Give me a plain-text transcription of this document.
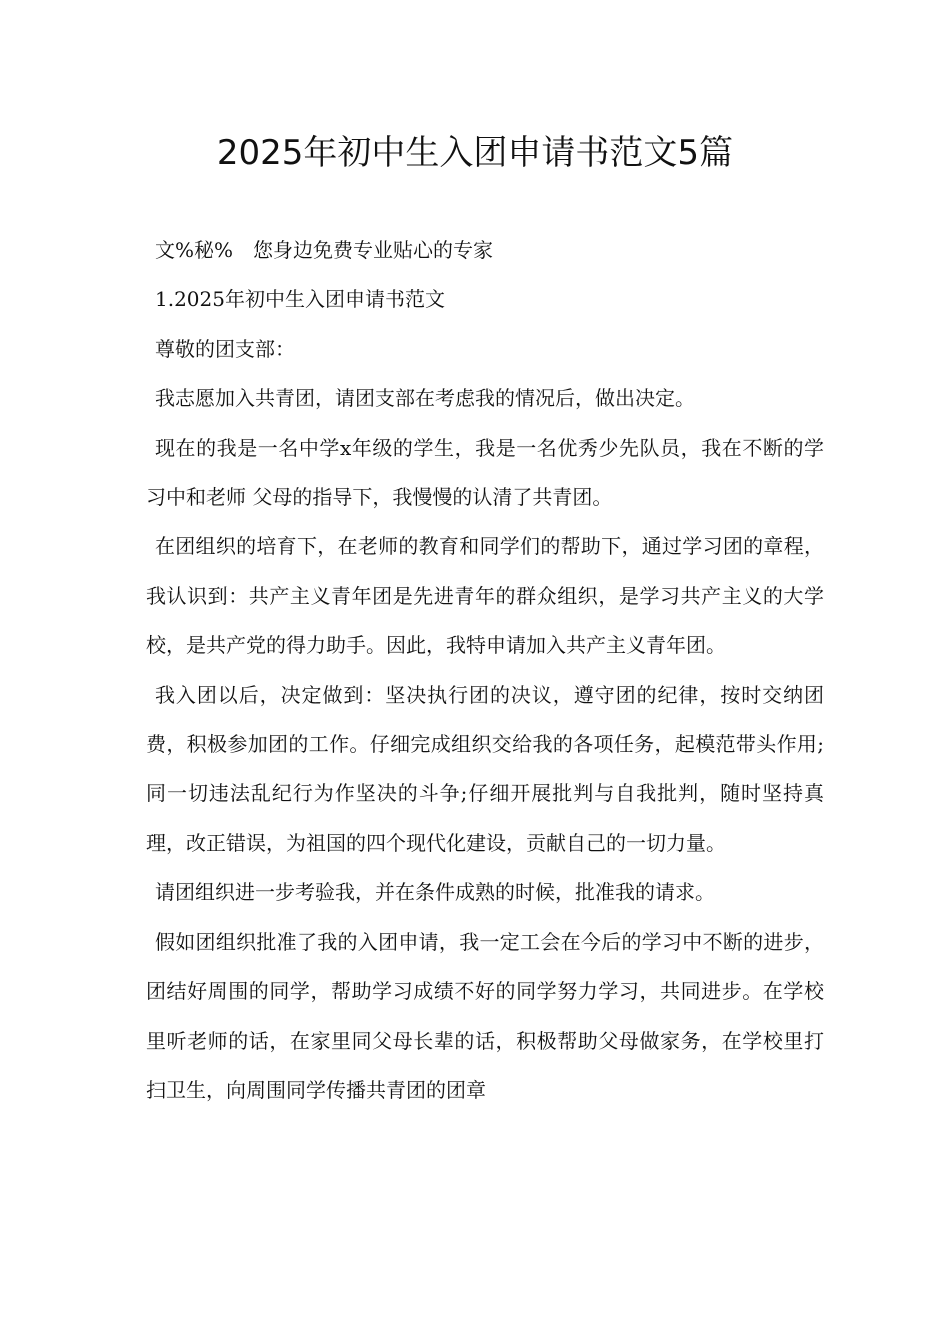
2025年初中生入团申请书范文5篇

文%秘%　您身边免费专业贴心的专家

1.2025年初中生入团申请书范文

尊敬的团支部：

我志愿加入共青团，请团支部在考虑我的情况后，做出决定。

现在的我是一名中学x年级的学生，我是一名优秀少先队员，我在不断的学习中和老师 父母的指导下，我慢慢的认清了共青团。

在团组织的培育下，在老师的教育和同学们的帮助下，通过学习团的章程，我认识到：共产主义青年团是先进青年的群众组织，是学习共产主义的大学校，是共产党的得力助手。因此，我特申请加入共产主义青年团。

我入团以后，决定做到：坚决执行团的决议，遵守团的纪律，按时交纳团费，积极参加团的工作。仔细完成组织交给我的各项任务，起模范带头作用;同一切违法乱纪行为作坚决的斗争;仔细开展批判与自我批判，随时坚持真理，改正错误，为祖国的四个现代化建设，贡献自己的一切力量。

请团组织进一步考验我，并在条件成熟的时候，批准我的请求。

假如团组织批准了我的入团申请，我一定工会在今后的学习中不断的进步，团结好周围的同学，帮助学习成绩不好的同学努力学习，共同进步。在学校里听老师的话，在家里同父母长辈的话，积极帮助父母做家务，在学校里打扫卫生，向周围同学传播共青团的团章
